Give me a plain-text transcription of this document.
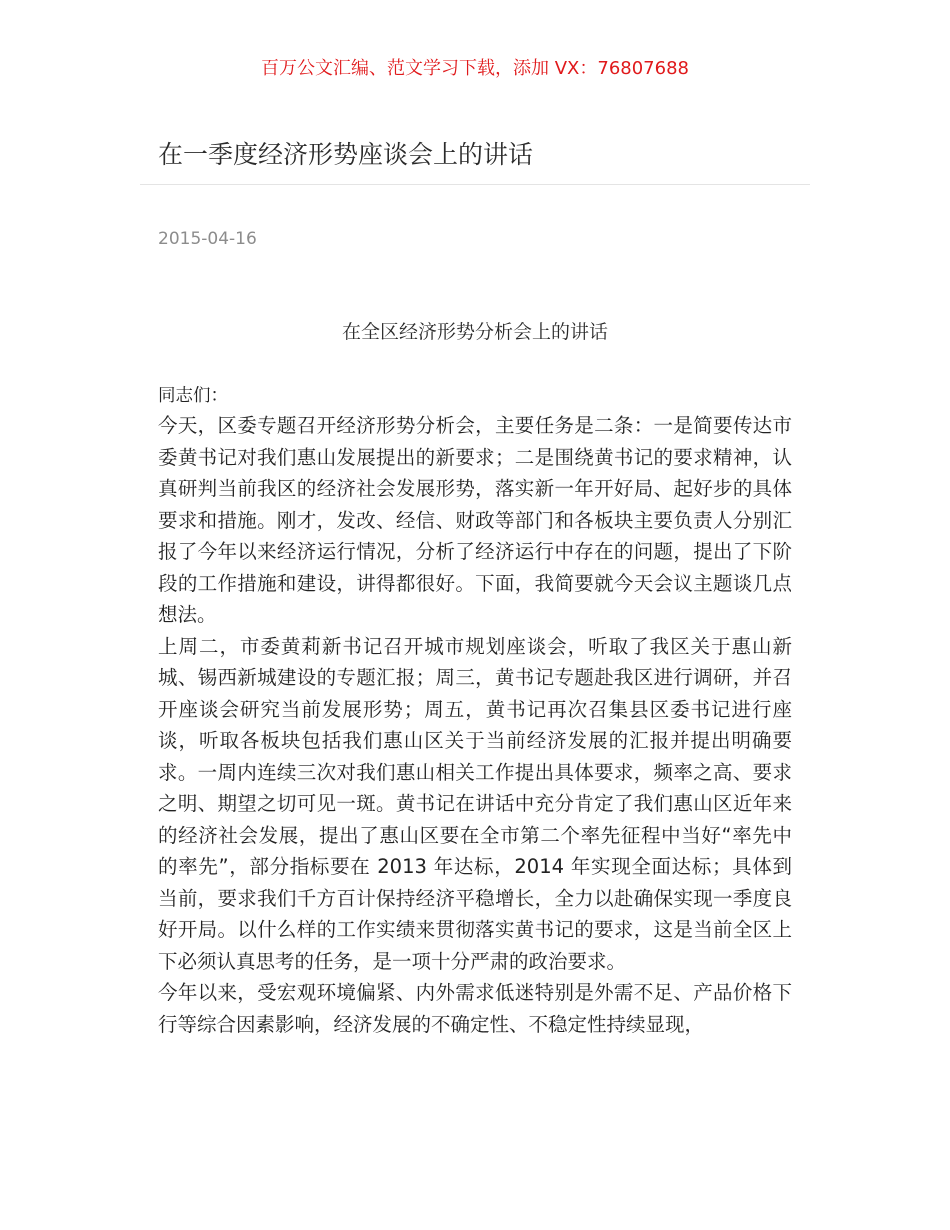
百万公文汇编、范文学习下载，添加 VX：76807688
在一季度经济形势座谈会上的讲话
2015-04-16
在全区经济形势分析会上的讲话

同志们：

今天，区委专题召开经济形势分析会，主要任务是二条：一是简要传达市委黄书记对我们惠山发展提出的新要求；二是围绕黄书记的要求精神，认真研判当前我区的经济社会发展形势，落实新一年开好局、起好步的具体要求和措施。刚才，发改、经信、财政等部门和各板块主要负责人分别汇报了今年以来经济运行情况，分析了经济运行中存在的问题，提出了下阶段的工作措施和建设，讲得都很好。下面，我简要就今天会议主题谈几点想法。

上周二，市委黄莉新书记召开城市规划座谈会，听取了我区关于惠山新城、锡西新城建设的专题汇报；周三，黄书记专题赴我区进行调研，并召开座谈会研究当前发展形势；周五，黄书记再次召集县区委书记进行座谈，听取各板块包括我们惠山区关于当前经济发展的汇报并提出明确要求。一周内连续三次对我们惠山相关工作提出具体要求，频率之高、要求之明、期望之切可见一斑。黄书记在讲话中充分肯定了我们惠山区近年来的经济社会发展，提出了惠山区要在全市第二个率先征程中当好“率先中的率先”，部分指标要在 2013 年达标，2014 年实现全面达标；具体到当前，要求我们千方百计保持经济平稳增长，全力以赴确保实现一季度良好开局。以什么样的工作实绩来贯彻落实黄书记的要求，这是当前全区上下必须认真思考的任务，是一项十分严肃的政治要求。

今年以来，受宏观环境偏紧、内外需求低迷特别是外需不足、产品价格下行等综合因素影响，经济发展的不确定性、不稳定性持续显现，
